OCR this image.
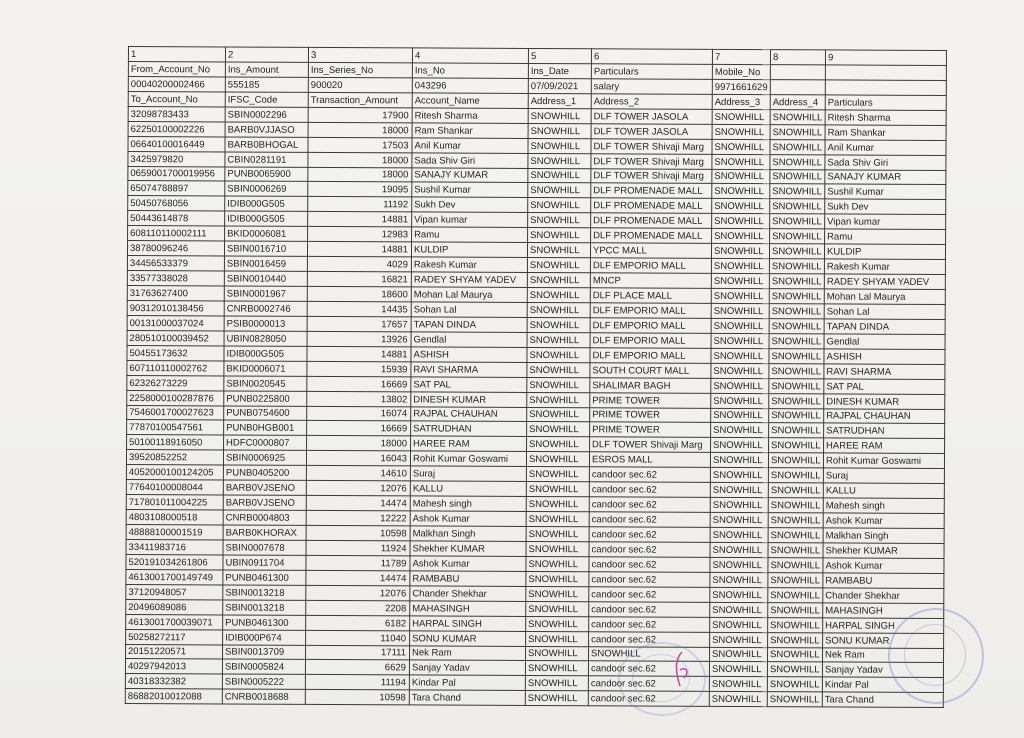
1	2	3	4	5	6	7	8	9
From_Account_No	Ins_Amount	Ins_Series_No	Ins_No	Ins_Date	Particulars	Mobile_No		
00040200002466	555185	900020	043296	07/09/2021	salary	9971661629		
To_Account_No	IFSC_Code	Transaction_Amount	Account_Name	Address_1	Address_2	Address_3	Address_4	Particulars
32098783433	SBIN0002296	17900	Ritesh Sharma	SNOWHILL	DLF TOWER JASOLA	SNOWHILL	SNOWHILL	Ritesh Sharma
62250100002226	BARB0VJJASO	18000	Ram Shankar	SNOWHILL	DLF TOWER JASOLA	SNOWHILL	SNOWHILL	Ram Shankar
06640100016449	BARB0BHOGAL	17503	Anil Kumar	SNOWHILL	DLF TOWER Shivaji Marg	SNOWHILL	SNOWHILL	Anil Kumar
3425979820	CBIN0281191	18000	Sada Shiv Giri	SNOWHILL	DLF TOWER Shivaji Marg	SNOWHILL	SNOWHILL	Sada Shiv Giri
0659001700019956	PUNB0065900	18000	SANAJY KUMAR	SNOWHILL	DLF TOWER Shivaji Marg	SNOWHILL	SNOWHILL	SANAJY KUMAR
65074788897	SBIN0006269	19095	Sushil Kumar	SNOWHILL	DLF PROMENADE MALL	SNOWHILL	SNOWHILL	Sushil Kumar
50450768056	IDIB000G505	11192	Sukh Dev	SNOWHILL	DLF PROMENADE MALL	SNOWHILL	SNOWHILL	Sukh Dev
50443614878	IDIB000G505	14881	Vipan kumar	SNOWHILL	DLF PROMENADE MALL	SNOWHILL	SNOWHILL	Vipan kumar
608110110002111	BKID0006081	12983	Ramu	SNOWHILL	DLF PROMENADE MALL	SNOWHILL	SNOWHILL	Ramu
38780096246	SBIN0016710	14881	KULDIP	SNOWHILL	YPCC MALL	SNOWHILL	SNOWHILL	KULDIP
34456533379	SBIN0016459	4029	Rakesh Kumar	SNOWHILL	DLF EMPORIO MALL	SNOWHILL	SNOWHILL	Rakesh Kumar
33577338028	SBIN0010440	16821	RADEY SHYAM YADEV	SNOWHILL	MNCP	SNOWHILL	SNOWHILL	RADEY SHYAM YADEV
31763627400	SBIN0001967	18600	Mohan Lal Maurya	SNOWHILL	DLF PLACE MALL	SNOWHILL	SNOWHILL	Mohan Lal Maurya
90312010138456	CNRB0002746	14435	Sohan Lal	SNOWHILL	DLF EMPORIO MALL	SNOWHILL	SNOWHILL	Sohan Lal
00131000037024	PSIB0000013	17657	TAPAN DINDA	SNOWHILL	DLF EMPORIO MALL	SNOWHILL	SNOWHILL	TAPAN DINDA
280510100039452	UBIN0828050	13926	Gendlal	SNOWHILL	DLF EMPORIO MALL	SNOWHILL	SNOWHILL	Gendlal
50455173632	IDIB000G505	14881	ASHISH	SNOWHILL	DLF EMPORIO MALL	SNOWHILL	SNOWHILL	ASHISH
607110110002762	BKID0006071	15939	RAVI SHARMA	SNOWHILL	SOUTH COURT MALL	SNOWHILL	SNOWHILL	RAVI SHARMA
62326273229	SBIN0020545	16669	SAT PAL	SNOWHILL	SHALIMAR BAGH	SNOWHILL	SNOWHILL	SAT PAL
2258000100287876	PUNB0225800	13802	DINESH KUMAR	SNOWHILL	PRIME TOWER	SNOWHILL	SNOWHILL	DINESH KUMAR
7546001700027623	PUNB0754600	16074	RAJPAL CHAUHAN	SNOWHILL	PRIME TOWER	SNOWHILL	SNOWHILL	RAJPAL CHAUHAN
77870100547561	PUNB0HGB001	16669	SATRUDHAN	SNOWHILL	PRIME TOWER	SNOWHILL	SNOWHILL	SATRUDHAN
50100118916050	HDFC0000807	18000	HAREE RAM	SNOWHILL	DLF TOWER Shivaji Marg	SNOWHILL	SNOWHILL	HAREE RAM
39520852252	SBIN0006925	16043	Rohit Kumar Goswami	SNOWHILL	ESROS MALL	SNOWHILL	SNOWHILL	Rohit Kumar Goswami
4052000100124205	PUNB0405200	14610	Suraj	SNOWHILL	candoor sec.62	SNOWHILL	SNOWHILL	Suraj
77640100008044	BARB0VJSENO	12076	KALLU	SNOWHILL	candoor sec.62	SNOWHILL	SNOWHILL	KALLU
717801011004225	BARB0VJSENO	14474	Mahesh singh	SNOWHILL	candoor sec.62	SNOWHILL	SNOWHILL	Mahesh singh
4803108000518	CNRB0004803	12222	Ashok Kumar	SNOWHILL	candoor sec.62	SNOWHILL	SNOWHILL	Ashok Kumar
48888100001519	BARB0KHORAX	10598	Malkhan Singh	SNOWHILL	candoor sec.62	SNOWHILL	SNOWHILL	Malkhan Singh
33411983716	SBIN0007678	11924	Shekher KUMAR	SNOWHILL	candoor sec.62	SNOWHILL	SNOWHILL	Shekher KUMAR
520191034261806	UBIN0911704	11789	Ashok Kumar	SNOWHILL	candoor sec.62	SNOWHILL	SNOWHILL	Ashok Kumar
4613001700149749	PUNB0461300	14474	RAMBABU	SNOWHILL	candoor sec.62	SNOWHILL	SNOWHILL	RAMBABU
37120948057	SBIN0013218	12076	Chander Shekhar	SNOWHILL	candoor sec.62	SNOWHILL	SNOWHILL	Chander Shekhar
20496089086	SBIN0013218	2208	MAHASINGH	SNOWHILL	candoor sec.62	SNOWHILL	SNOWHILL	MAHASINGH
4613001700039071	PUNB0461300	6182	HARPAL SINGH	SNOWHILL	candoor sec.62	SNOWHILL	SNOWHILL	HARPAL SINGH
50258272117	IDIB000P674	11040	SONU KUMAR	SNOWHILL	candoor sec.62	SNOWHILL	SNOWHILL	SONU KUMAR
20151220571	SBIN0013709	17111	Nek Ram	SNOWHILL	SNOWHILL	SNOWHILL	SNOWHILL	Nek Ram
40297942013	SBIN0005824	6629	Sanjay Yadav	SNOWHILL	candoor sec.62	SNOWHILL	SNOWHILL	Sanjay Yadav
40318332382	SBIN0005222	11194	Kindar Pal	SNOWHILL	candoor sec.62	SNOWHILL	SNOWHILL	Kindar Pal
86882010012088	CNRB0018688	10598	Tara Chand	SNOWHILL	candoor sec.62	SNOWHILL	SNOWHILL	Tara Chand
